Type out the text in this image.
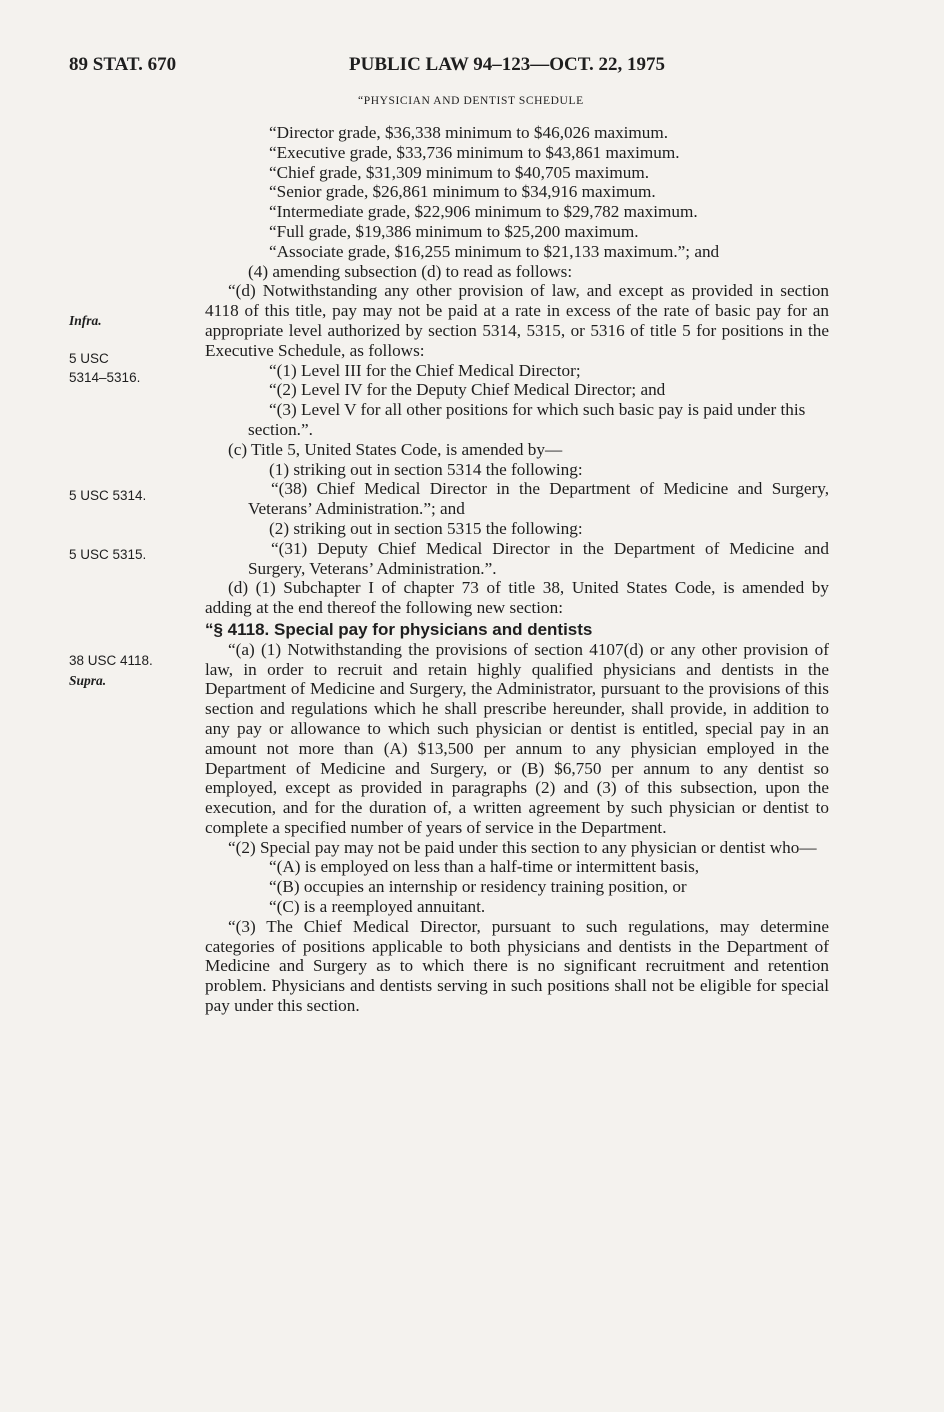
89 STAT. 670	PUBLIC LAW 94–123—OCT. 22, 1975
“PHYSICIAN AND DENTIST SCHEDULE
Infra.
5 USC
5314–5316.
5 USC 5314.
5 USC 5315.
38 USC 4118.
Supra.

“Director grade, $36,338 minimum to $46,026 maximum.

“Executive grade, $33,736 minimum to $43,861 maximum.

“Chief grade, $31,309 minimum to $40,705 maximum.

“Senior grade, $26,861 minimum to $34,916 maximum.

“Intermediate grade, $22,906 minimum to $29,782 maximum.

“Full grade, $19,386 minimum to $25,200 maximum.

“Associate grade, $16,255 minimum to $21,133 maximum.”; and

(4) amending subsection (d) to read as follows:

“(d) Notwithstanding any other provision of law, and except as provided in section 4118 of this title, pay may not be paid at a rate in excess of the rate of basic pay for an appropriate level authorized by section 5314, 5315, or 5316 of title 5 for positions in the Executive Schedule, as follows:

“(1) Level III for the Chief Medical Director;

“(2) Level IV for the Deputy Chief Medical Director; and

“(3) Level V for all other positions for which such basic pay is paid under this section.”.

(c) Title 5, United States Code, is amended by—

(1) striking out in section 5314 the following:

“(38) Chief Medical Director in the Department of Medicine and Surgery, Veterans’ Administration.”; and

(2) striking out in section 5315 the following:

“(31) Deputy Chief Medical Director in the Department of Medicine and Surgery, Veterans’ Administration.”.

(d) (1) Subchapter I of chapter 73 of title 38, United States Code, is amended by adding at the end thereof the following new section:

“§ 4118. Special pay for physicians and dentists

“(a) (1) Notwithstanding the provisions of section 4107(d) or any other provision of law, in order to recruit and retain highly qualified physicians and dentists in the Department of Medicine and Surgery, the Administrator, pursuant to the provisions of this section and regulations which he shall prescribe hereunder, shall provide, in addition to any pay or allowance to which such physician or dentist is entitled, special pay in an amount not more than (A) $13,500 per annum to any physician employed in the Department of Medicine and Surgery, or (B) $6,750 per annum to any dentist so employed, except as provided in paragraphs (2) and (3) of this subsection, upon the execution, and for the duration of, a written agreement by such physician or dentist to complete a specified number of years of service in the Department.

“(2) Special pay may not be paid under this section to any physician or dentist who—

“(A) is employed on less than a half-time or intermittent basis,

“(B) occupies an internship or residency training position, or

“(C) is a reemployed annuitant.

“(3) The Chief Medical Director, pursuant to such regulations, may determine categories of positions applicable to both physicians and dentists in the Department of Medicine and Surgery as to which there is no significant recruitment and retention problem. Physicians and dentists serving in such positions shall not be eligible for special pay under this section.
